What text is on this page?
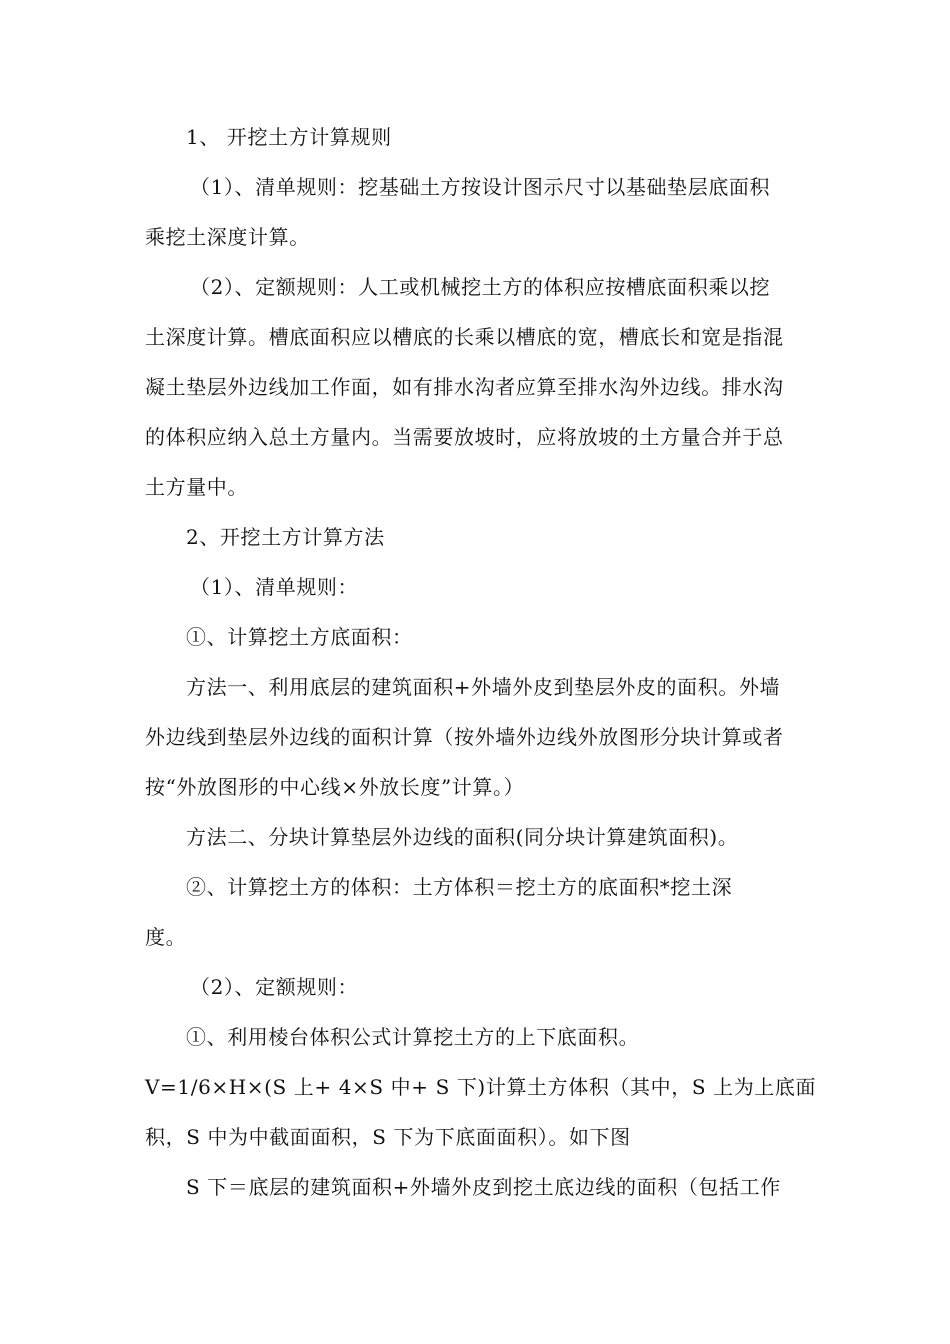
1、 开挖土方计算规则
（1）、清单规则：挖基础土方按设计图示尺寸以基础垫层底面积
乘挖土深度计算。
（2）、定额规则：人工或机械挖土方的体积应按槽底面积乘以挖
土深度计算。槽底面积应以槽底的长乘以槽底的宽，槽底长和宽是指混
凝土垫层外边线加工作面，如有排水沟者应算至排水沟外边线。排水沟
的体积应纳入总土方量内。当需要放坡时，应将放坡的土方量合并于总
土方量中。
2、开挖土方计算方法
（1）、清单规则：
①、计算挖土方底面积：
方法一、利用底层的建筑面积+外墙外皮到垫层外皮的面积。外墙
外边线到垫层外边线的面积计算（按外墙外边线外放图形分块计算或者
按“外放图形的中心线×外放长度”计算。）
方法二、分块计算垫层外边线的面积(同分块计算建筑面积)。
②、计算挖土方的体积：土方体积＝挖土方的底面积*挖土深
度。
（2）、定额规则：
①、利用棱台体积公式计算挖土方的上下底面积。
V=1/6×H×(S 上+ 4×S 中+ S 下)计算土方体积（其中，S 上为上底面
积，S 中为中截面面积，S 下为下底面面积）。如下图
S 下＝底层的建筑面积+外墙外皮到挖土底边线的面积（包括工作
